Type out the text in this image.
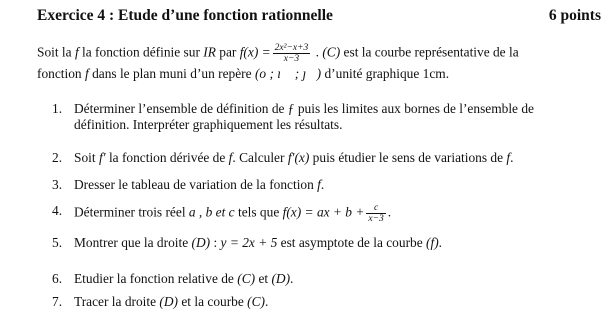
Exercice 4 : Etude d’une fonction rationnelle	6 points
Soit la f la fonction définie sur IR par $f(x) = \frac{\text{2x²−x+3}}{x-3}$ . (C) est la courbe représentative de la
fonction f dans le plan muni d’un repère (o ; ı⃗ ; ȷ⃗) d’unité graphique 1cm.
1. Déterminer l’ensemble de définition de ƒ puis les limites aux bornes de l’ensemble de
définition. Interpréter graphiquement les résultats.
2. Soit f′ la fonction dérivée de f. Calculer f′(x) puis étudier le sens de variations de f.
3. Dresser le tableau de variation de la fonction f.
4. Déterminer trois réel a , b et c tels que f(x) = ax + $b + \frac{c}{x-3}$ .
5. Montrer que la droite (D) : y = 2x + 5 est asymptote de la courbe (f).
6. Etudier la fonction relative de (C) et (D).
7. Tracer la droite (D) et la courbe (C).
